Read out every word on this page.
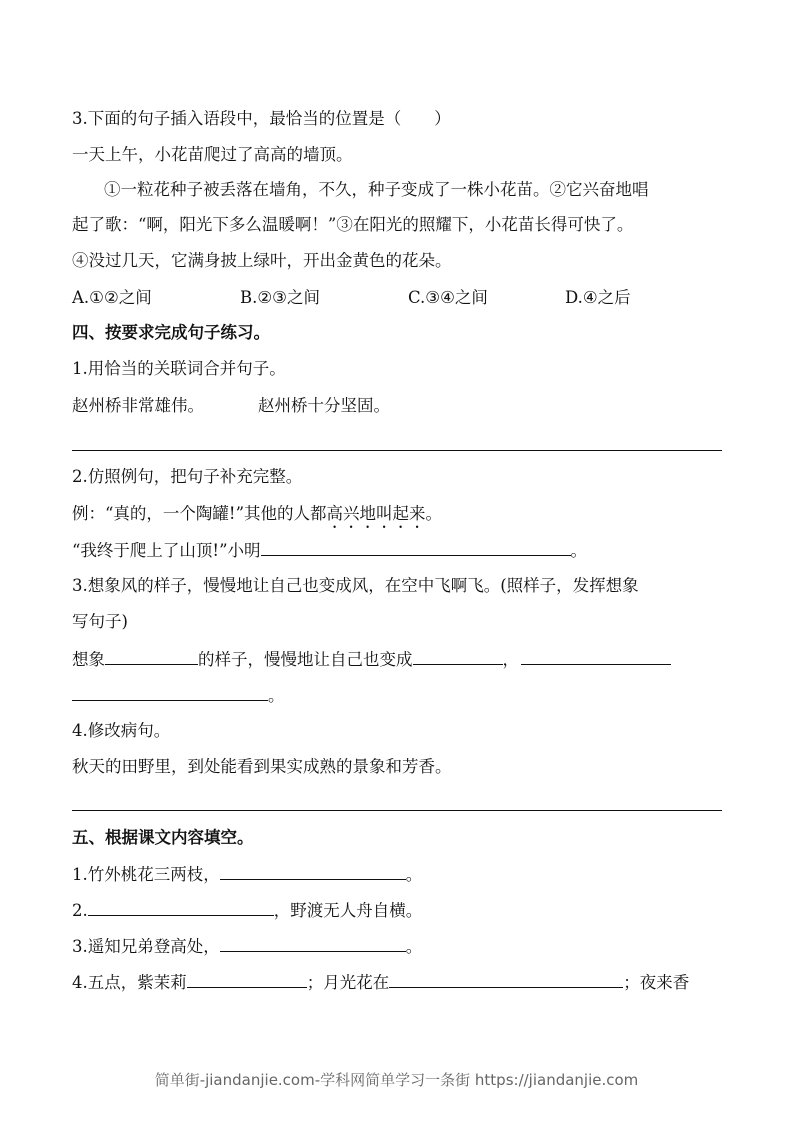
3.下面的句子插入语段中，最恰当的位置是（　　）
一天上午，小花苗爬过了高高的墙顶。
①一粒花种子被丢落在墙角，不久，种子变成了一株小花苗。②它兴奋地唱
起了歌：“啊，阳光下多么温暖啊！”③在阳光的照耀下，小花苗长得可快了。
④没过几天，它满身披上绿叶，开出金黄色的花朵。
A.①②之间	B.②③之间	C.③④之间	D.④之后
四、按要求完成句子练习。
1.用恰当的关联词合并句子。
赵州桥非常雄伟。	赵州桥十分坚固。
2.仿照例句，把句子补充完整。
例：“真的，一个陶罐!”其他的人都高兴地叫起来。
“我终于爬上了山顶!”小明	。
3.想象风的样子，慢慢地让自己也变成风，在空中飞啊飞。(照样子，发挥想象
写句子)
想象	的样子，慢慢地让自己也变成	，
。
4.修改病句。
秋天的田野里，到处能看到果实成熟的景象和芳香。
五、根据课文内容填空。
1.竹外桃花三两枝，	。
2.	，野渡无人舟自横。
3.遥知兄弟登高处，	。
4.五点，紫茉莉	；月光花在	；夜来香
简单街-jiandanjie.com-学科网简单学习一条街 https://jiandanjie.com
